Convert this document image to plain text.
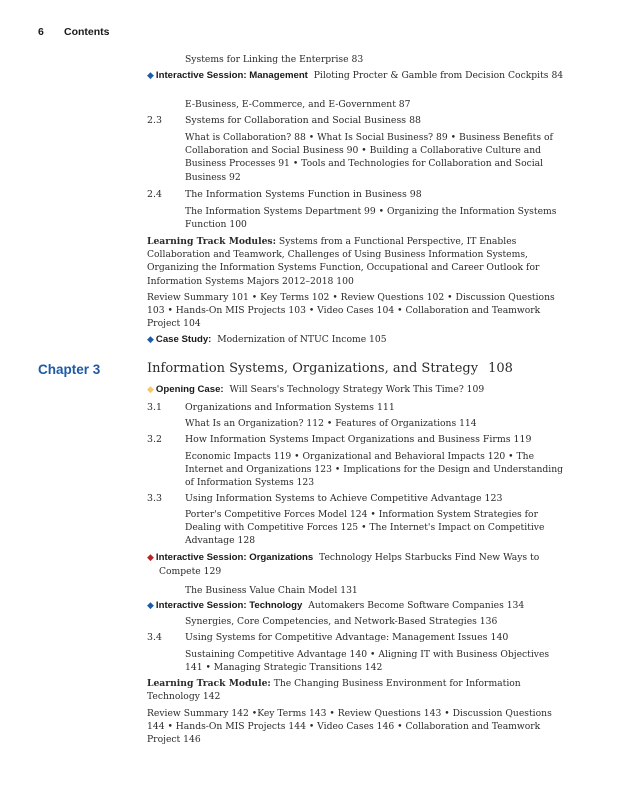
6 Contents
Systems for Linking the Enterprise 83
◆ Interactive Session: Management Piloting Procter & Gamble from Decision Cockpits 84
E-Business, E-Commerce, and E-Government 87
2.3 Systems for Collaboration and Social Business 88
What is Collaboration? 88 • What Is Social Business? 89 • Business Benefits of Collaboration and Social Business 90 • Building a Collaborative Culture and Business Processes 91 • Tools and Technologies for Collaboration and Social Business 92
2.4 The Information Systems Function in Business 98
The Information Systems Department 99 • Organizing the Information Systems Function 100
Learning Track Modules: Systems from a Functional Perspective, IT Enables Collaboration and Teamwork, Challenges of Using Business Information Systems, Organizing the Information Systems Function, Occupational and Career Outlook for Information Systems Majors 2012–2018 100
Review Summary 101 • Key Terms 102 • Review Questions 102 • Discussion Questions 103 • Hands-On MIS Projects 103 • Video Cases 104 • Collaboration and Teamwork Project 104
◆ Case Study: Modernization of NTUC Income 105
Chapter 3	Information Systems, Organizations, and Strategy 108
◆ Opening Case: Will Sears's Technology Strategy Work This Time? 109
3.1 Organizations and Information Systems 111
What Is an Organization? 112 • Features of Organizations 114
3.2 How Information Systems Impact Organizations and Business Firms 119
Economic Impacts 119 • Organizational and Behavioral Impacts 120 • The Internet and Organizations 123 • Implications for the Design and Understanding of Information Systems 123
3.3 Using Information Systems to Achieve Competitive Advantage 123
Porter's Competitive Forces Model 124 • Information System Strategies for Dealing with Competitive Forces 125 • The Internet's Impact on Competitive Advantage 128
◆ Interactive Session: Organizations Technology Helps Starbucks Find New Ways to Compete 129
The Business Value Chain Model 131
◆ Interactive Session: Technology Automakers Become Software Companies 134
Synergies, Core Competencies, and Network-Based Strategies 136
3.4 Using Systems for Competitive Advantage: Management Issues 140
Sustaining Competitive Advantage 140 • Aligning IT with Business Objectives 141 • Managing Strategic Transitions 142
Learning Track Module: The Changing Business Environment for Information Technology 142
Review Summary 142 •Key Terms 143 • Review Questions 143 • Discussion Questions 144 • Hands-On MIS Projects 144 • Video Cases 146 • Collaboration and Teamwork Project 146
